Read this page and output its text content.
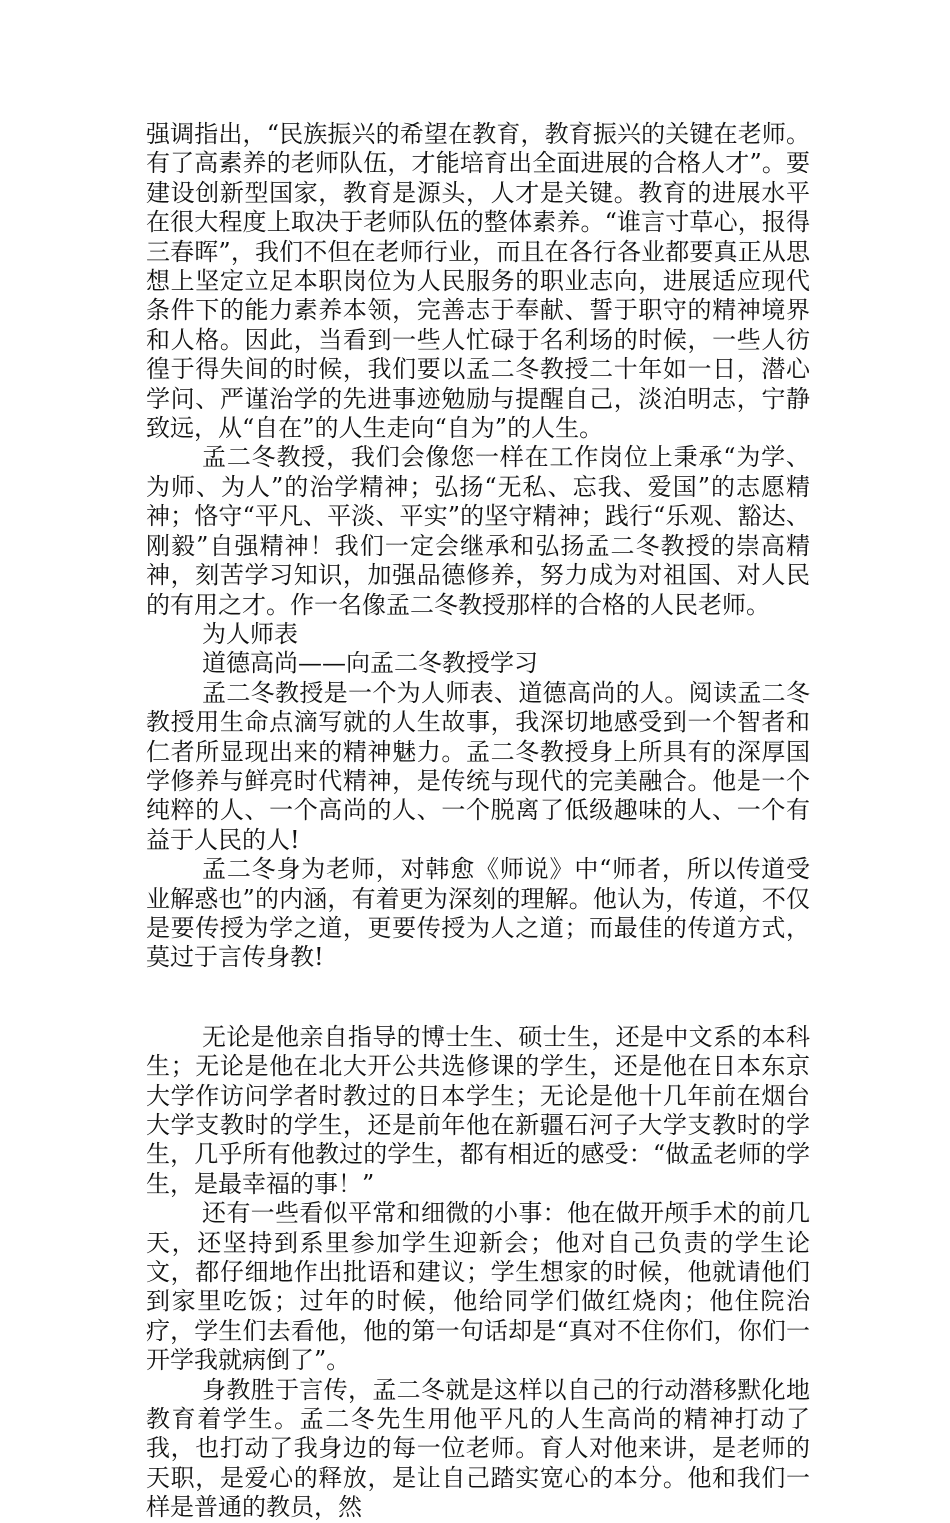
强调指出，“民族振兴的希望在教育，教育振兴的关键在老师。有了高素养的老师队伍，才能培育出全面进展的合格人才”。要建设创新型国家，教育是源头，人才是关键。教育的进展水平在很大程度上取决于老师队伍的整体素养。“谁言寸草心，报得三春晖”，我们不但在老师行业，而且在各行各业都要真正从思想上坚定立足本职岗位为人民服务的职业志向，进展适应现代条件下的能力素养本领，完善志于奉献、誓于职守的精神境界和人格。因此，当看到一些人忙碌于名利场的时候，一些人彷徨于得失间的时候，我们要以孟二冬教授二十年如一日，潜心学问、严谨治学的先进事迹勉励与提醒自己，淡泊明志，宁静致远，从“自在”的人生走向“自为”的人生。

孟二冬教授，我们会像您一样在工作岗位上秉承“为学、为师、为人”的治学精神；弘扬“无私、忘我、爱国”的志愿精神；恪守“平凡、平淡、平实”的坚守精神；践行“乐观、豁达、刚毅”自强精神！我们一定会继承和弘扬孟二冬教授的崇高精神，刻苦学习知识，加强品德修养，努力成为对祖国、对人民的有用之才。作一名像孟二冬教授那样的合格的人民老师。

为人师表

道德高尚——向孟二冬教授学习

孟二冬教授是一个为人师表、道德高尚的人。阅读孟二冬教授用生命点滴写就的人生故事，我深切地感受到一个智者和仁者所显现出来的精神魅力。孟二冬教授身上所具有的深厚国学修养与鲜亮时代精神，是传统与现代的完美融合。他是一个纯粹的人、一个高尚的人、一个脱离了低级趣味的人、一个有益于人民的人!

孟二冬身为老师，对韩愈《师说》中“师者，所以传道受业解惑也”的内涵，有着更为深刻的理解。他认为，传道，不仅是要传授为学之道，更要传授为人之道；而最佳的传道方式，莫过于言传身教!

无论是他亲自指导的博士生、硕士生，还是中文系的本科生；无论是他在北大开公共选修课的学生，还是他在日本东京大学作访问学者时教过的日本学生；无论是他十几年前在烟台大学支教时的学生，还是前年他在新疆石河子大学支教时的学生，几乎所有他教过的学生，都有相近的感受：“做孟老师的学生，是最幸福的事！”

还有一些看似平常和细微的小事：他在做开颅手术的前几天，还坚持到系里参加学生迎新会；他对自己负责的学生论文，都仔细地作出批语和建议；学生想家的时候，他就请他们到家里吃饭；过年的时候，他给同学们做红烧肉；他住院治疗，学生们去看他，他的第一句话却是“真对不住你们，你们一开学我就病倒了”。

身教胜于言传，孟二冬就是这样以自己的行动潜移默化地教育着学生。孟二冬先生用他平凡的人生高尚的精神打动了我，也打动了我身边的每一位老师。育人对他来讲，是老师的天职，是爱心的释放，是让自己踏实宽心的本分。他和我们一样是普通的教员，然
